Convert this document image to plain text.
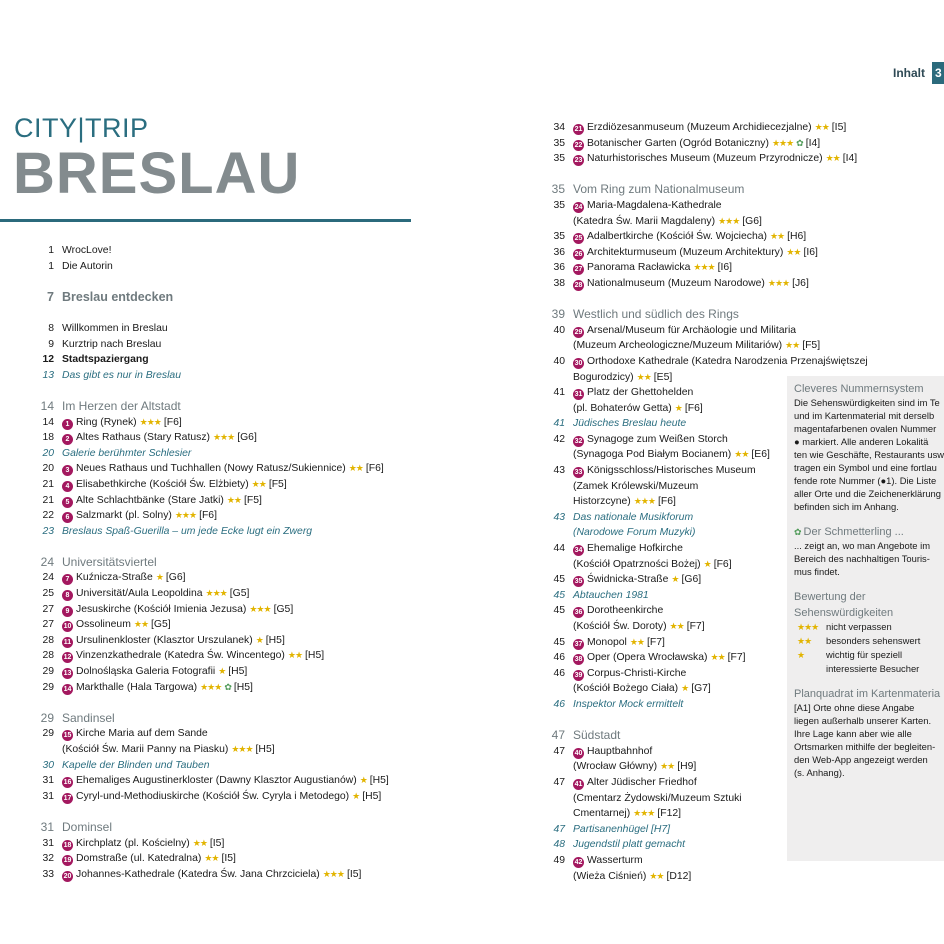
Inhalt 3
CITY|TRIP
BRESLAU
1 WrocLove!
1 Die Autorin
7 Breslau entdecken
8 Willkommen in Breslau
9 Kurztrip nach Breslau
12 Stadtspaziergang
13 Das gibt es nur in Breslau
14 Im Herzen der Altstadt
14	1 Ring (Rynek) ★★★ [F6]
18	2 Altes Rathaus (Stary Ratusz) ★★★ [G6]
20 Galerie berühmter Schlesier
20	3 Neues Rathaus und Tuchhallen (Nowy Ratusz/Sukiennice) ★★ [F6]
21	4 Elisabethkirche (Kościół Św. Elżbiety) ★★ [F5]
21	5 Alte Schlachtbänke (Stare Jatki) ★★ [F5]
22	6 Salzmarkt (pl. Solny) ★★★ [F6]
23 Breslaus Spaß-Guerilla – um jede Ecke lugt ein Zwerg
24 Universitätsviertel
24	7 Kuźnicza-Straße ★ [G6]
25	8 Universität/Aula Leopoldina ★★★ [G5]
27	9 Jesuskirche (Kościół Imienia Jezusa) ★★★ [G5]
27	10 Ossolineum ★★ [G5]
28	11 Ursulinenkloster (Klasztor Urszulanek) ★ [H5]
28	12 Vinzenzkathedrale (Katedra Św. Wincentego) ★★ [H5]
29	13 Dolnośląska Galeria Fotografii ★ [H5]
29	14 Markthalle (Hala Targowa) ★★★ ✿ [H5]
29 Sandinsel
29	15 Kirche Maria auf dem Sande
(Kościół Św. Marii Panny na Piasku) ★★★ [H5]
30 Kapelle der Blinden und Tauben
31	16 Ehemaliges Augustinerkloster (Dawny Klasztor Augustianów) ★ [H5]
31	17 Cyryl-und-Methodiuskirche (Kościół Św. Cyryla i Metodego) ★ [H5]
31 Dominsel
31	18 Kirchplatz (pl. Kościelny) ★★ [I5]
32	19 Domstraße (ul. Katedralna) ★★ [I5]
33	20 Johannes-Kathedrale (Katedra Św. Jana Chrzciciela) ★★★ [I5]
34	21 Erzdiözesanmuseum (Muzeum Archidiecezjalne) ★★ [I5]
35	22 Botanischer Garten (Ogród Botaniczny) ★★★ ✿ [I4]
35	23 Naturhistorisches Museum (Muzeum Przyrodnicze) ★★ [I4]
35 Vom Ring zum Nationalmuseum
35	24 Maria-Magdalena-Kathedrale
(Katedra Św. Marii Magdaleny) ★★★ [G6]
35	25 Adalbertkirche (Kościół Św. Wojciecha) ★★ [H6]
36	26 Architekturmuseum (Muzeum Architektury) ★★ [I6]
36	27 Panorama Racławicka ★★★ [I6]
38	28 Nationalmuseum (Muzeum Narodowe) ★★★ [J6]
39 Westlich und südlich des Rings
40	29 Arsenal/Museum für Archäologie und Militaria
(Muzeum Archeologiczne/Muzeum Militariów) ★★ [F5]
40	30 Orthodoxe Kathedrale (Katedra Narodzenia Przenajświętszej
Bogurodzicy) ★★ [E5]
41	31 Platz der Ghettohelden
(pl. Bohaterów Getta) ★ [F6]
41 Jüdisches Breslau heute
42	32 Synagoge zum Weißen Storch
(Synagoga Pod Białym Bocianem) ★★ [E6]
43	33 Königsschloss/Historisches Museum
(Zamek Królewski/Muzeum
Historzcyne) ★★★ [F6]
43 Das nationale Musikforum
(Narodowe Forum Muzyki)
44	34 Ehemalige Hofkirche
(Kościół Opatrzności Bożej) ★ [F6]
45	35 Świdnicka-Straße ★ [G6]
45 Abtauchen 1981
45	36 Dorotheenkirche
(Kościół Św. Doroty) ★★ [F7]
45	37 Monopol ★★ [F7]
46	38 Oper (Opera Wrocławska) ★★ [F7]
46	39 Corpus-Christi-Kirche
(Kościół Bożego Ciała) ★ [G7]
46 Inspektor Mock ermittelt
47 Südstadt
47	40 Hauptbahnhof
(Wrocław Główny) ★★ [H9]
47	41 Alter Jüdischer Friedhof
(Cmentarz Żydowski/Muzeum Sztuki
Cmentarnej) ★★★ [F12]
47 Partisanenhügel [H7]
48 Jugendstil platt gemacht
49	42 Wasserturm
(Wieża Ciśnień) ★★ [D12]
Cleveres Nummernsystem
Die Sehenswürdigkeiten sind im Te
und im Kartenmaterial mit derselb
magentafarbenen ovalen Nummer
● markiert. Alle anderen Lokalitä
ten wie Geschäfte, Restaurants usw
tragen ein Symbol und eine fortlau
fende rote Nummer (●1). Die Liste
aller Orte und die Zeichenerklärung
befinden sich im Anhang.
✿ Der Schmetterling ...
... zeigt an, wo man Angebote im
Bereich des nachhaltigen Touris-
mus findet.
Bewertung der
Sehenswürdigkeiten
★★★ nicht verpassen
★★	besonders sehenswert
★	wichtig für speziell
interessierte Besucher
Planquadrat im Kartenmateria
[A1] Orte ohne diese Angabe
liegen außerhalb unserer Karten.
Ihre Lage kann aber wie alle
Ortsmarken mithilfe der begleiten-
den Web-App angezeigt werden
(s. Anhang).
